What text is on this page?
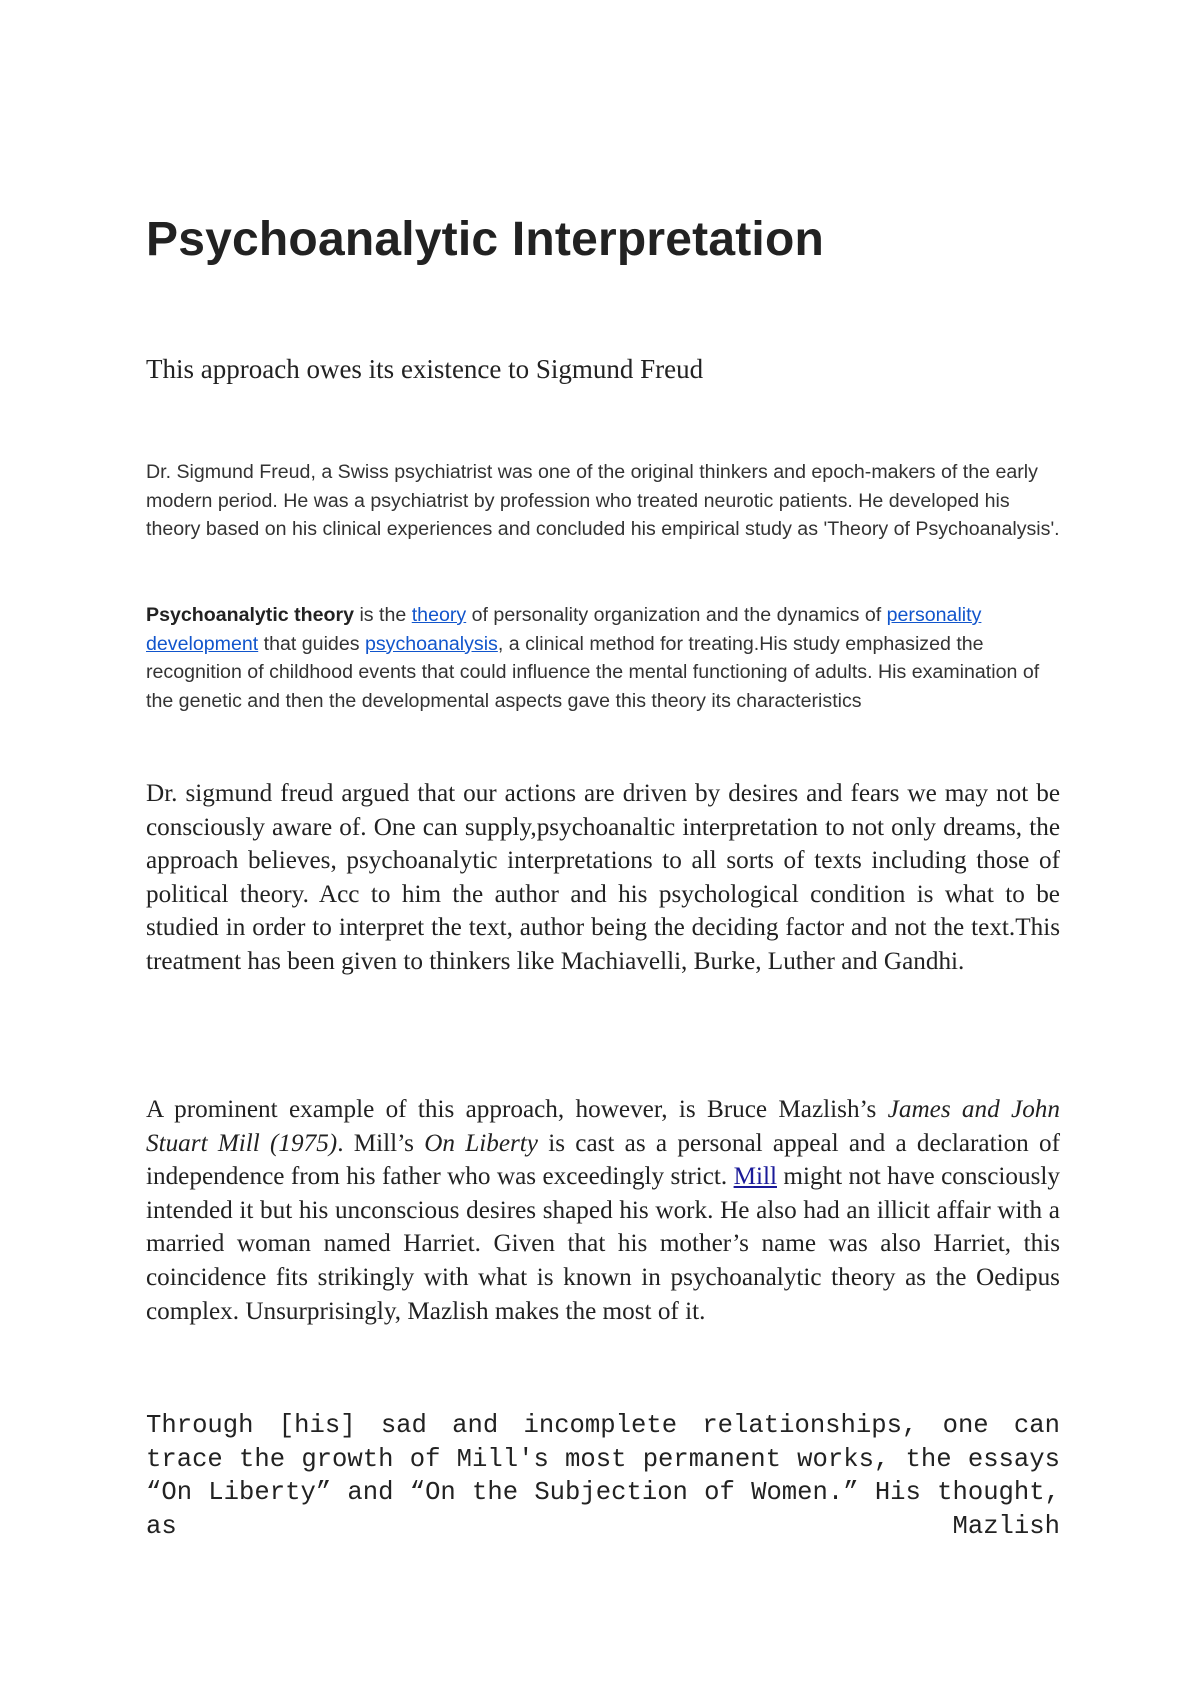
Psychoanalytic Interpretation
This approach owes its existence to Sigmund Freud

Dr. Sigmund Freud, a Swiss psychiatrist was one of the original thinkers and epoch-makers of the early modern period. He was a psychiatrist by profession who treated neurotic patients. He developed his theory based on his clinical experiences and concluded his empirical study as 'Theory of Psychoanalysis'.

Psychoanalytic theory is the theory of personality organization and the dynamics of personality development that guides psychoanalysis, a clinical method for treating.His study emphasized the recognition of childhood events that could influence the mental functioning of adults. His examination of the genetic and then the developmental aspects gave this theory its characteristics

Dr. sigmund freud argued that our actions are driven by desires and fears we may not be consciously aware of. One can supply,psychoanaltic interpretation to not only dreams, the approach believes, psychoanalytic interpretations to all sorts of texts including those of political theory. Acc to him the author and his psychological condition is what to be studied in order to interpret the text, author being the deciding factor and not the text.This treatment has been given to thinkers like Machiavelli, Burke, Luther and Gandhi.

A prominent example of this approach, however, is Bruce Mazlish’s James and John Stuart Mill (1975). Mill’s On Liberty is cast as a personal appeal and a declaration of independence from his father who was exceedingly strict. Mill might not have consciously intended it but his unconscious desires shaped his work. He also had an illicit affair with a married woman named Harriet. Given that his mother’s name was also Harriet, this coincidence fits strikingly with what is known in psychoanalytic theory as the Oedipus complex. Unsurprisingly, Mazlish makes the most of it.

Through [his] sad and incomplete relationships, one can trace the growth of Mill's most permanent works, the essays “On Liberty” and “On the Subjection of Women.” His thought, as Mazlish
